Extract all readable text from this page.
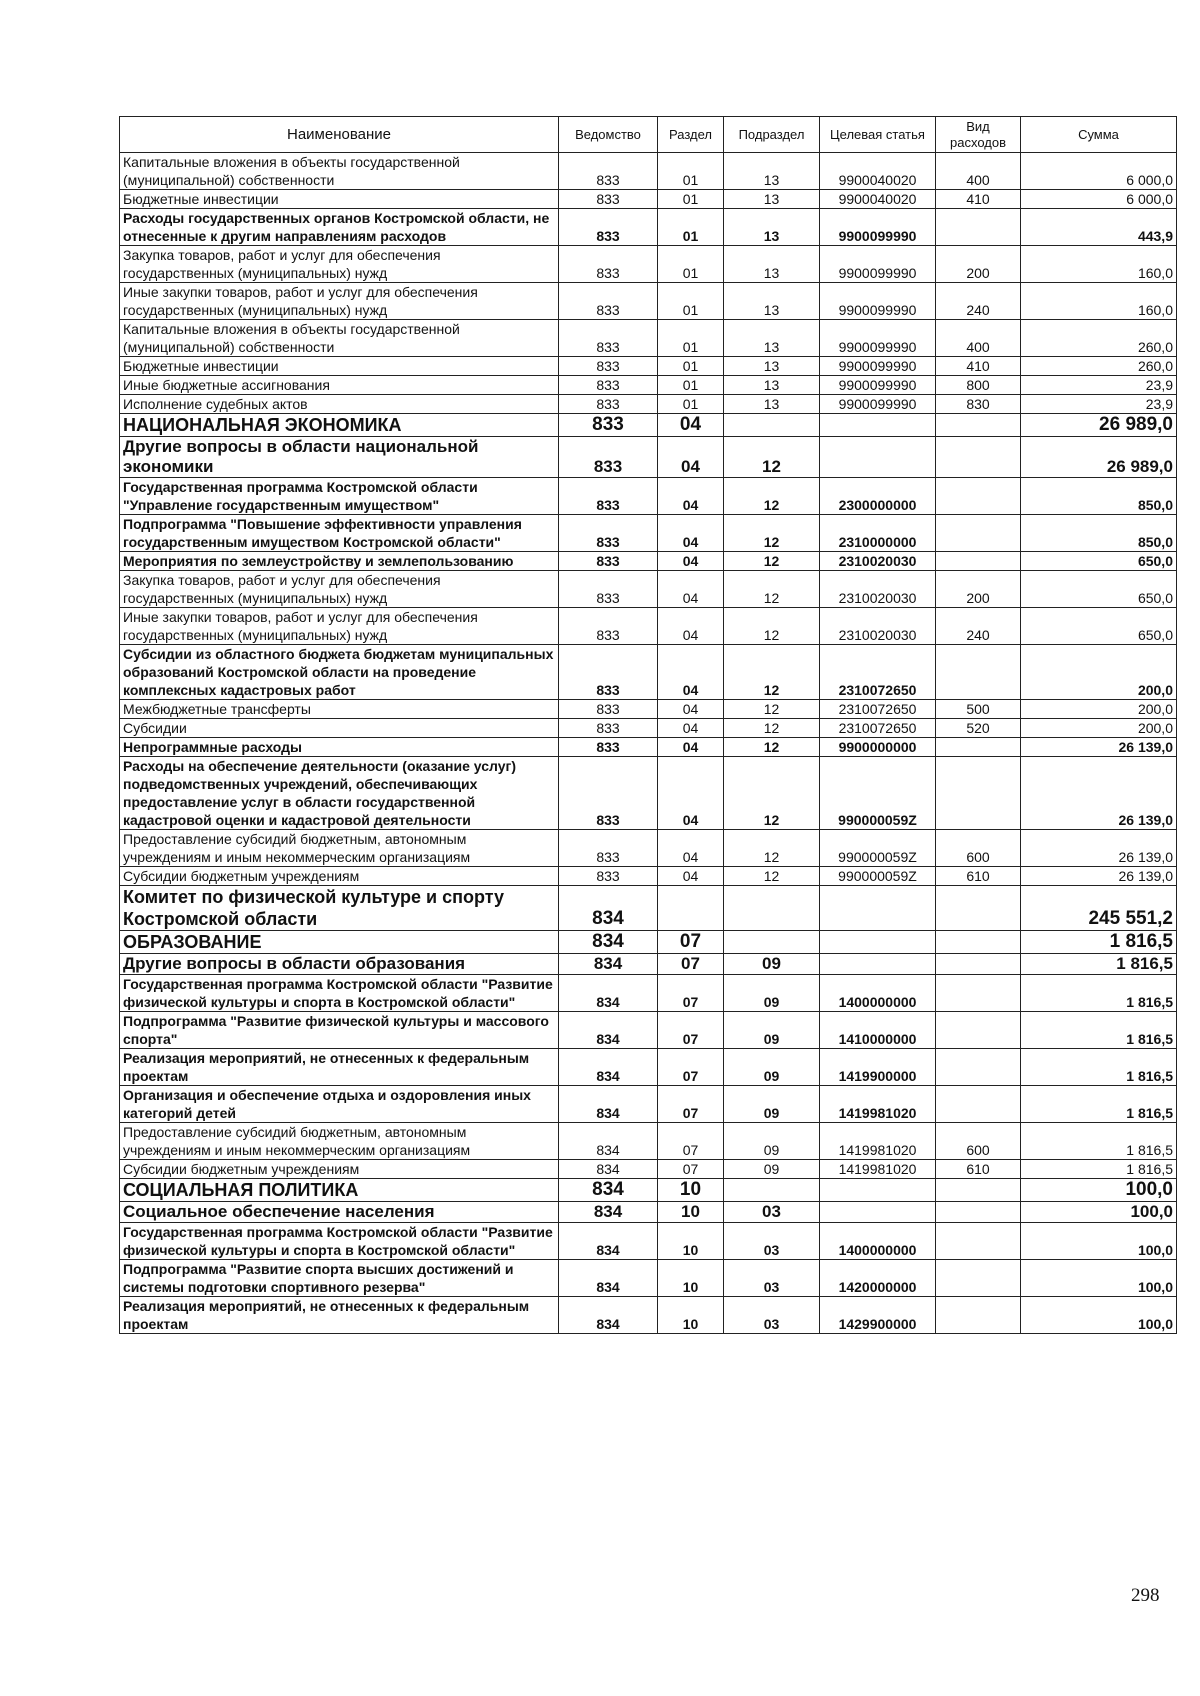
Наименование	Ведомство	Раздел	Подраздел	Целевая статья	Вид расходов	Сумма
Капитальные вложения в объекты государственной (муниципальной) собственности	833	01	13	9900040020	400	6 000,0
Бюджетные инвестиции	833	01	13	9900040020	410	6 000,0
Расходы государственных органов Костромской области, не отнесенные к другим направлениям расходов	833	01	13	9900099990		443,9
Закупка товаров, работ и услуг для обеспечения государственных (муниципальных) нужд	833	01	13	9900099990	200	160,0
Иные закупки товаров, работ и услуг для обеспечения государственных (муниципальных) нужд	833	01	13	9900099990	240	160,0
Капитальные вложения в объекты государственной (муниципальной) собственности	833	01	13	9900099990	400	260,0
Бюджетные инвестиции	833	01	13	9900099990	410	260,0
Иные бюджетные ассигнования	833	01	13	9900099990	800	23,9
Исполнение судебных актов	833	01	13	9900099990	830	23,9
НАЦИОНАЛЬНАЯ ЭКОНОМИКА	833	04				26 989,0
Другие вопросы в области национальной экономики	833	04	12			26 989,0
Государственная программа Костромской области "Управление государственным имуществом"	833	04	12	2300000000		850,0
Подпрограмма "Повышение эффективности управления государственным имуществом Костромской области"	833	04	12	2310000000		850,0
Мероприятия по землеустройству и землепользованию	833	04	12	2310020030		650,0
Закупка товаров, работ и услуг для обеспечения государственных (муниципальных) нужд	833	04	12	2310020030	200	650,0
Иные закупки товаров, работ и услуг для обеспечения государственных (муниципальных) нужд	833	04	12	2310020030	240	650,0
Субсидии из областного бюджета бюджетам муниципальных образований Костромской области на проведение комплексных кадастровых работ	833	04	12	2310072650		200,0
Межбюджетные трансферты	833	04	12	2310072650	500	200,0
Субсидии	833	04	12	2310072650	520	200,0
Непрограммные расходы	833	04	12	9900000000		26 139,0
Расходы на обеспечение деятельности (оказание услуг) подведомственных учреждений, обеспечивающих предоставление услуг в области государственной кадастровой оценки и кадастровой деятельности	833	04	12	990000059Z		26 139,0
Предоставление субсидий бюджетным, автономным учреждениям и иным некоммерческим организациям	833	04	12	990000059Z	600	26 139,0
Субсидии бюджетным учреждениям	833	04	12	990000059Z	610	26 139,0
Комитет по физической культуре и спорту Костромской области	834					245 551,2
ОБРАЗОВАНИЕ	834	07				1 816,5
Другие вопросы в области образования	834	07	09			1 816,5
Государственная программа Костромской области "Развитие физической культуры и спорта в Костромской области"	834	07	09	1400000000		1 816,5
Подпрограмма "Развитие физической культуры и массового спорта"	834	07	09	1410000000		1 816,5
Реализация мероприятий, не отнесенных к федеральным проектам	834	07	09	1419900000		1 816,5
Организация и обеспечение отдыха и оздоровления иных категорий детей	834	07	09	1419981020		1 816,5
Предоставление субсидий бюджетным, автономным учреждениям и иным некоммерческим организациям	834	07	09	1419981020	600	1 816,5
Субсидии бюджетным учреждениям	834	07	09	1419981020	610	1 816,5
СОЦИАЛЬНАЯ ПОЛИТИКА	834	10				100,0
Социальное обеспечение населения	834	10	03			100,0
Государственная программа Костромской области "Развитие физической культуры и спорта в Костромской области"	834	10	03	1400000000		100,0
Подпрограмма "Развитие спорта высших достижений и системы подготовки спортивного резерва"	834	10	03	1420000000		100,0
Реализация мероприятий, не отнесенных к федеральным проектам	834	10	03	1429900000		100,0
298
